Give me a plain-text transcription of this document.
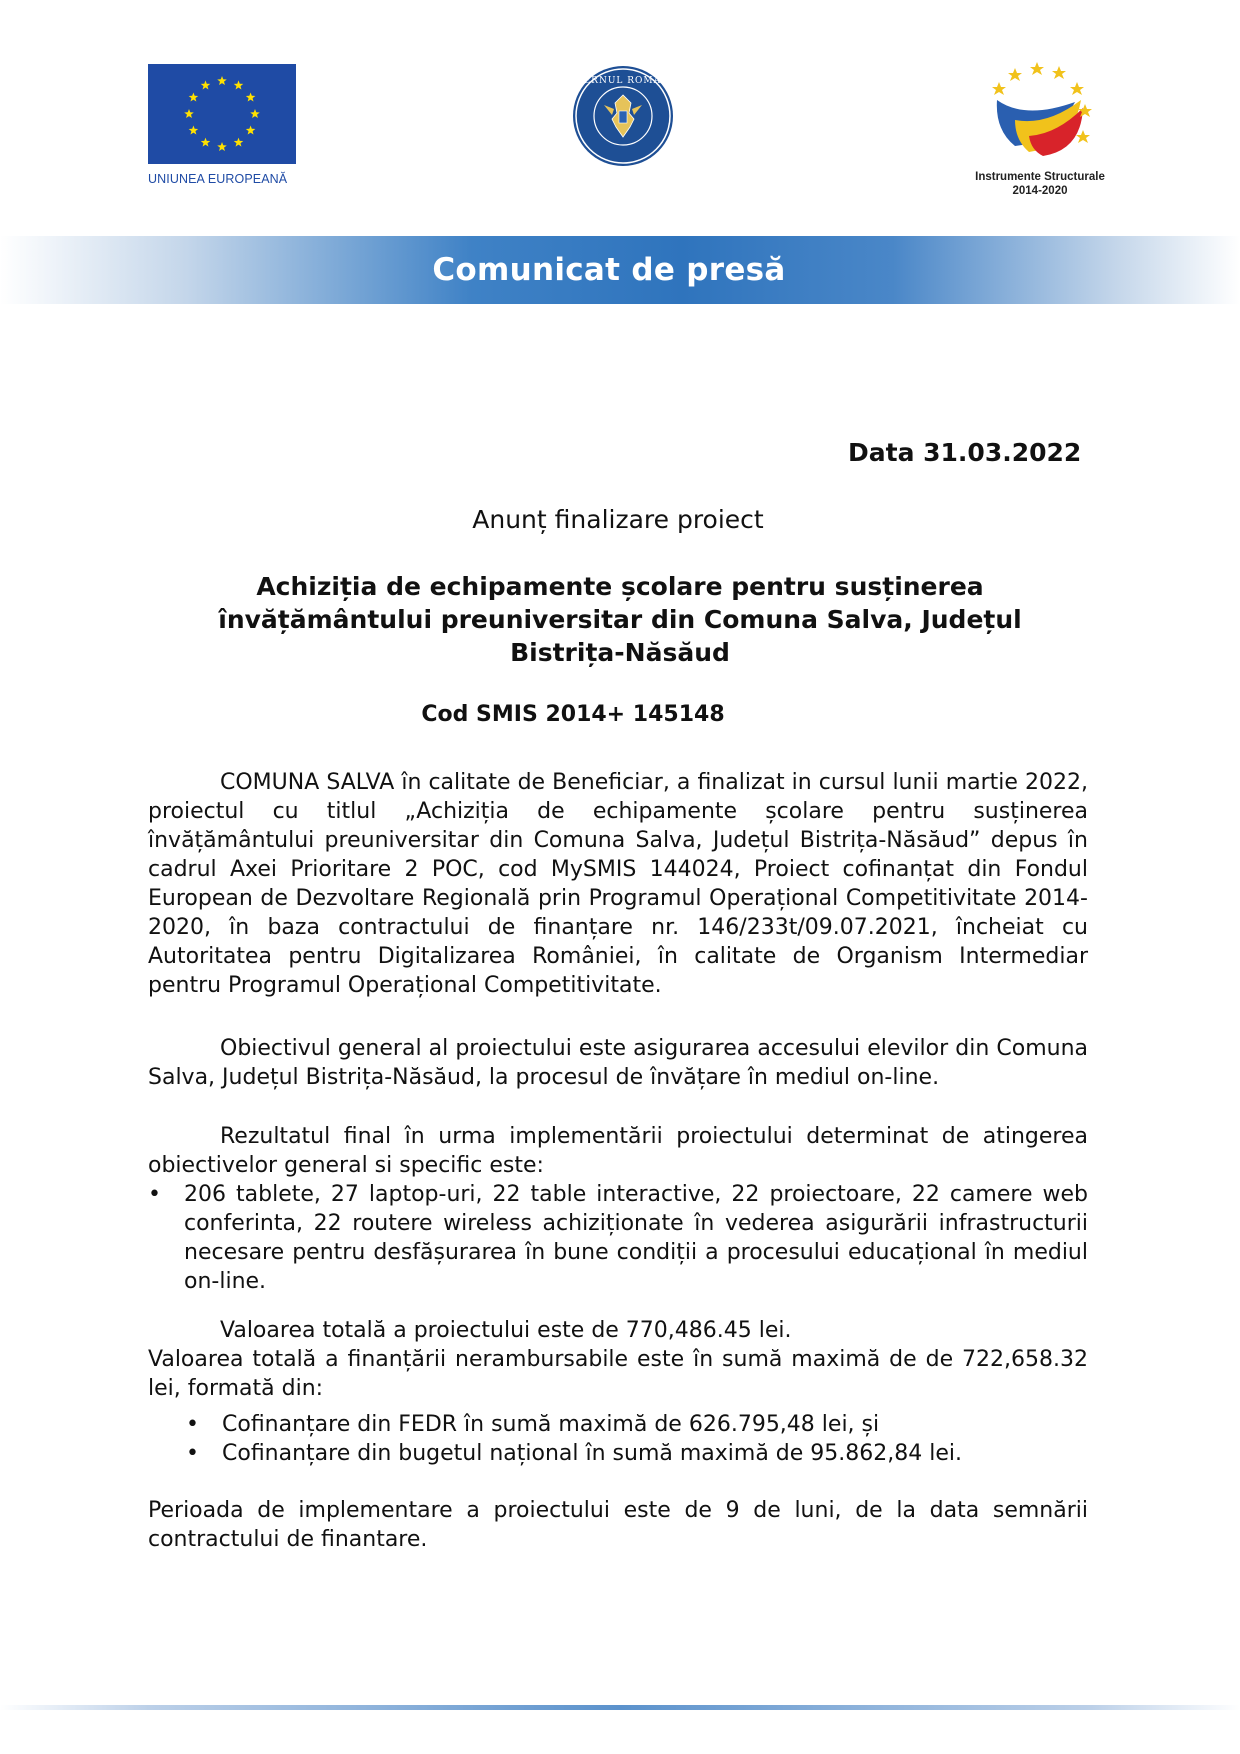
UNIUNEA EUROPEANĂ
GUVERNUL ROMÂNIEI
Instrumente Structurale
2014-2020
Comunicat de presă
Data 31.03.2022
Anunț finalizare proiect
Achiziția de echipamente școlare pentru susținerea învățământului preuniversitar din Comuna Salva, Județul Bistrița-Năsăud
Cod SMIS 2014+ 145148

COMUNA SALVA în calitate de Beneficiar, a finalizat in cursul lunii martie 2022, proiectul cu titlul „Achiziția de echipamente școlare pentru susținerea învățământului preuniversitar din Comuna Salva, Județul Bistrița-Năsăud” depus în cadrul Axei Prioritare 2 POC, cod MySMIS 144024, Proiect cofinanțat din Fondul European de Dezvoltare Regională prin Programul Operațional Competitivitate 2014-2020, în baza contractului de finanțare nr. 146/233t/09.07.2021, încheiat cu Autoritatea pentru Digitalizarea României, în calitate de Organism Intermediar pentru Programul Operațional Competitivitate.

Obiectivul general al proiectului este asigurarea accesului elevilor din Comuna Salva, Județul Bistrița-Năsăud, la procesul de învățare în mediul on-line.

Rezultatul final în urma implementării proiectului determinat de atingerea obiectivelor general si specific este:

• 206 tablete, 27 laptop-uri, 22 table interactive, 22 proiectoare, 22 camere web conferinta, 22 routere wireless achiziționate în vederea asigurării infrastructurii necesare pentru desfășurarea în bune condiții a procesului educațional în mediul on-line.

Valoarea totală a proiectului este de 770,486.45 lei.

Valoarea totală a finanțării nerambursabile este în sumă maximă de de 722,658.32 lei, formată din:

• Cofinanțare din FEDR în sumă maximă de 626.795,48 lei, și
• Cofinanțare din bugetul național în sumă maximă de 95.862,84 lei.

Perioada de implementare a proiectului este de 9 de luni, de la data semnării contractului de finantare.
